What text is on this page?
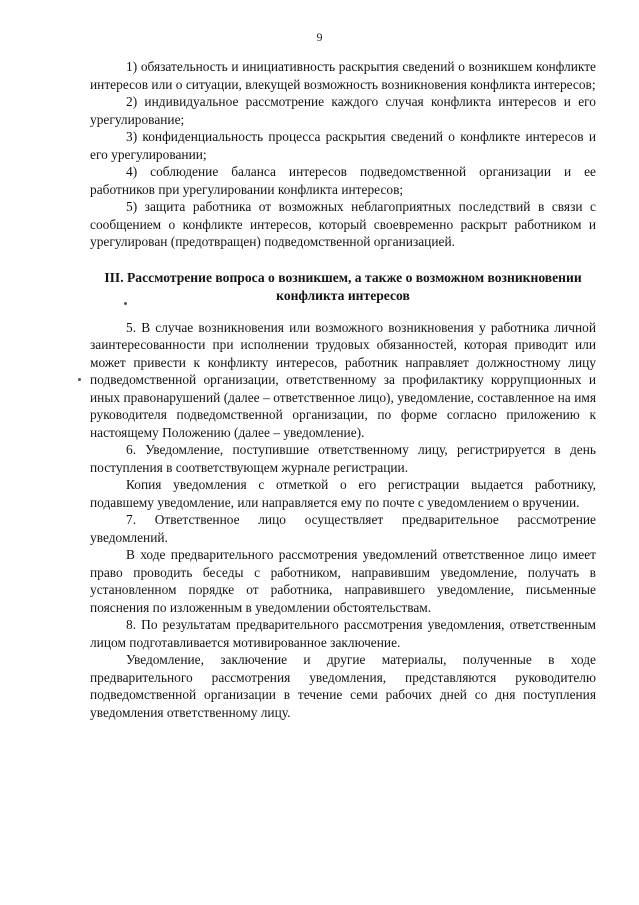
9

1) обязательность и инициативность раскрытия сведений о возникшем конфликте интересов или о ситуации, влекущей возможность возникновения конфликта интересов;

2) индивидуальное рассмотрение каждого случая конфликта интересов и его урегулирование;

3) конфиденциальность процесса раскрытия сведений о конфликте интересов и его урегулировании;

4) соблюдение баланса интересов подведомственной организации и ее работников при урегулировании конфликта интересов;

5) защита работника от возможных неблагоприятных последствий в связи с сообщением о конфликте интересов, который своевременно раскрыт работником и урегулирован (предотвращен) подведомственной организацией.

III. Рассмотрение вопроса о возникшем, а также о возможном возникновении конфликта интересов

5. В случае возникновения или возможного возникновения у работника личной заинтересованности при исполнении трудовых обязанностей, которая приводит или может привести к конфликту интересов, работник направляет должностному лицу подведомственной организации, ответственному за профилактику коррупционных и иных правонарушений (далее – ответственное лицо), уведомление, составленное на имя руководителя подведомственной организации, по форме согласно приложению к настоящему Положению (далее – уведомление).

6. Уведомление, поступившие ответственному лицу, регистрируется в день поступления в соответствующем журнале регистрации.

Копия уведомления с отметкой о его регистрации выдается работнику, подавшему уведомление, или направляется ему по почте с уведомлением о вручении.

7. Ответственное лицо осуществляет предварительное рассмотрение уведомлений.

В ходе предварительного рассмотрения уведомлений ответственное лицо имеет право проводить беседы с работником, направившим уведомление, получать в установленном порядке от работника, направившего уведомление, письменные пояснения по изложенным в уведомлении обстоятельствам.

8. По результатам предварительного рассмотрения уведомления, ответственным лицом подготавливается мотивированное заключение.

Уведомление, заключение и другие материалы, полученные в ходе предварительного рассмотрения уведомления, представляются руководителю подведомственной организации в течение семи рабочих дней со дня поступления уведомления ответственному лицу.
